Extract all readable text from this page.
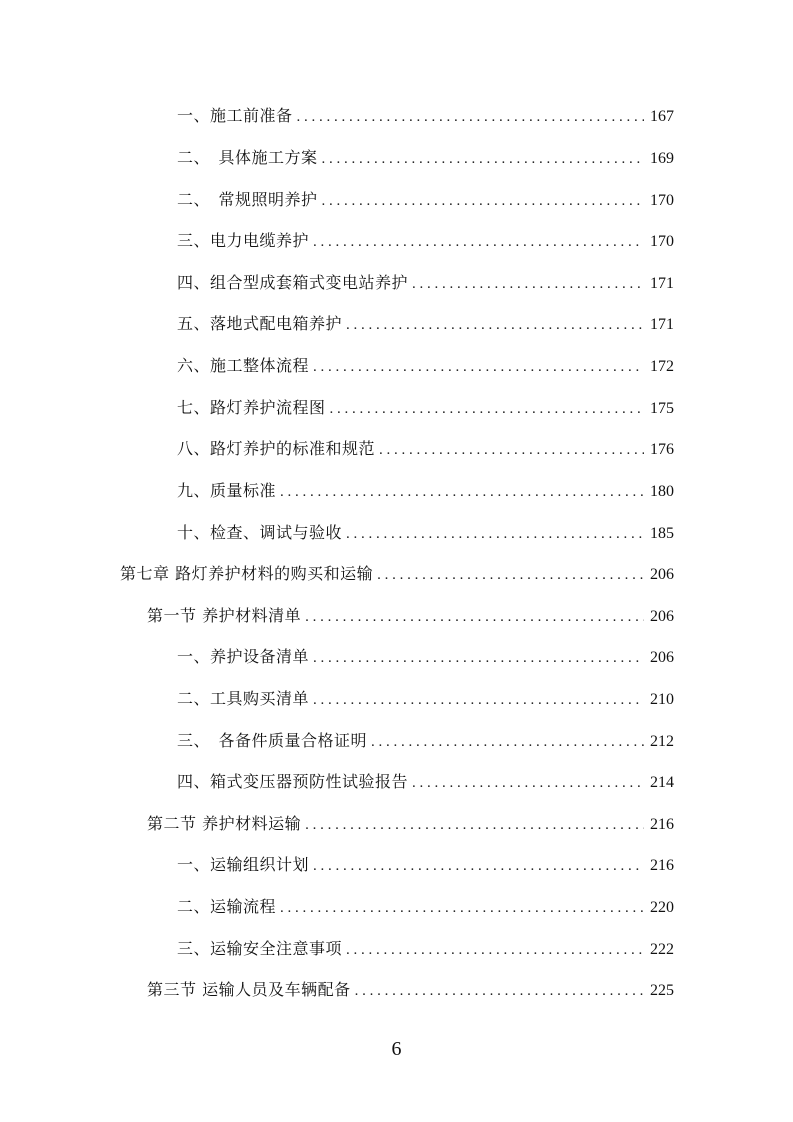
一、施工前准备 . . .	167
二、　具体施工方案 . . .	169
二、　常规照明养护 . . .	170
三、电力电缆养护 . . .	170
四、组合型成套箱式变电站养护 . . .	171
五、落地式配电箱养护 . . .	171
六、施工整体流程 . . .	172
七、路灯养护流程图 . . .	175
八、路灯养护的标准和规范 . . .	176
九、质量标准 . . .	180
十、检查、调试与验收 . . .	185
第七章 路灯养护材料的购买和运输 . . .	206
第一节 养护材料清单 . . .	206
一、养护设备清单 . . .	206
二、工具购买清单 . . .	210
三、　各备件质量合格证明 . . .	212
四、箱式变压器预防性试验报告 . . .	214
第二节 养护材料运输 . . .	216
一、运输组织计划 . . .	216
二、运输流程 . . .	220
三、运输安全注意事项 . . .	222
第三节 运输人员及车辆配备 . . .	225
6
